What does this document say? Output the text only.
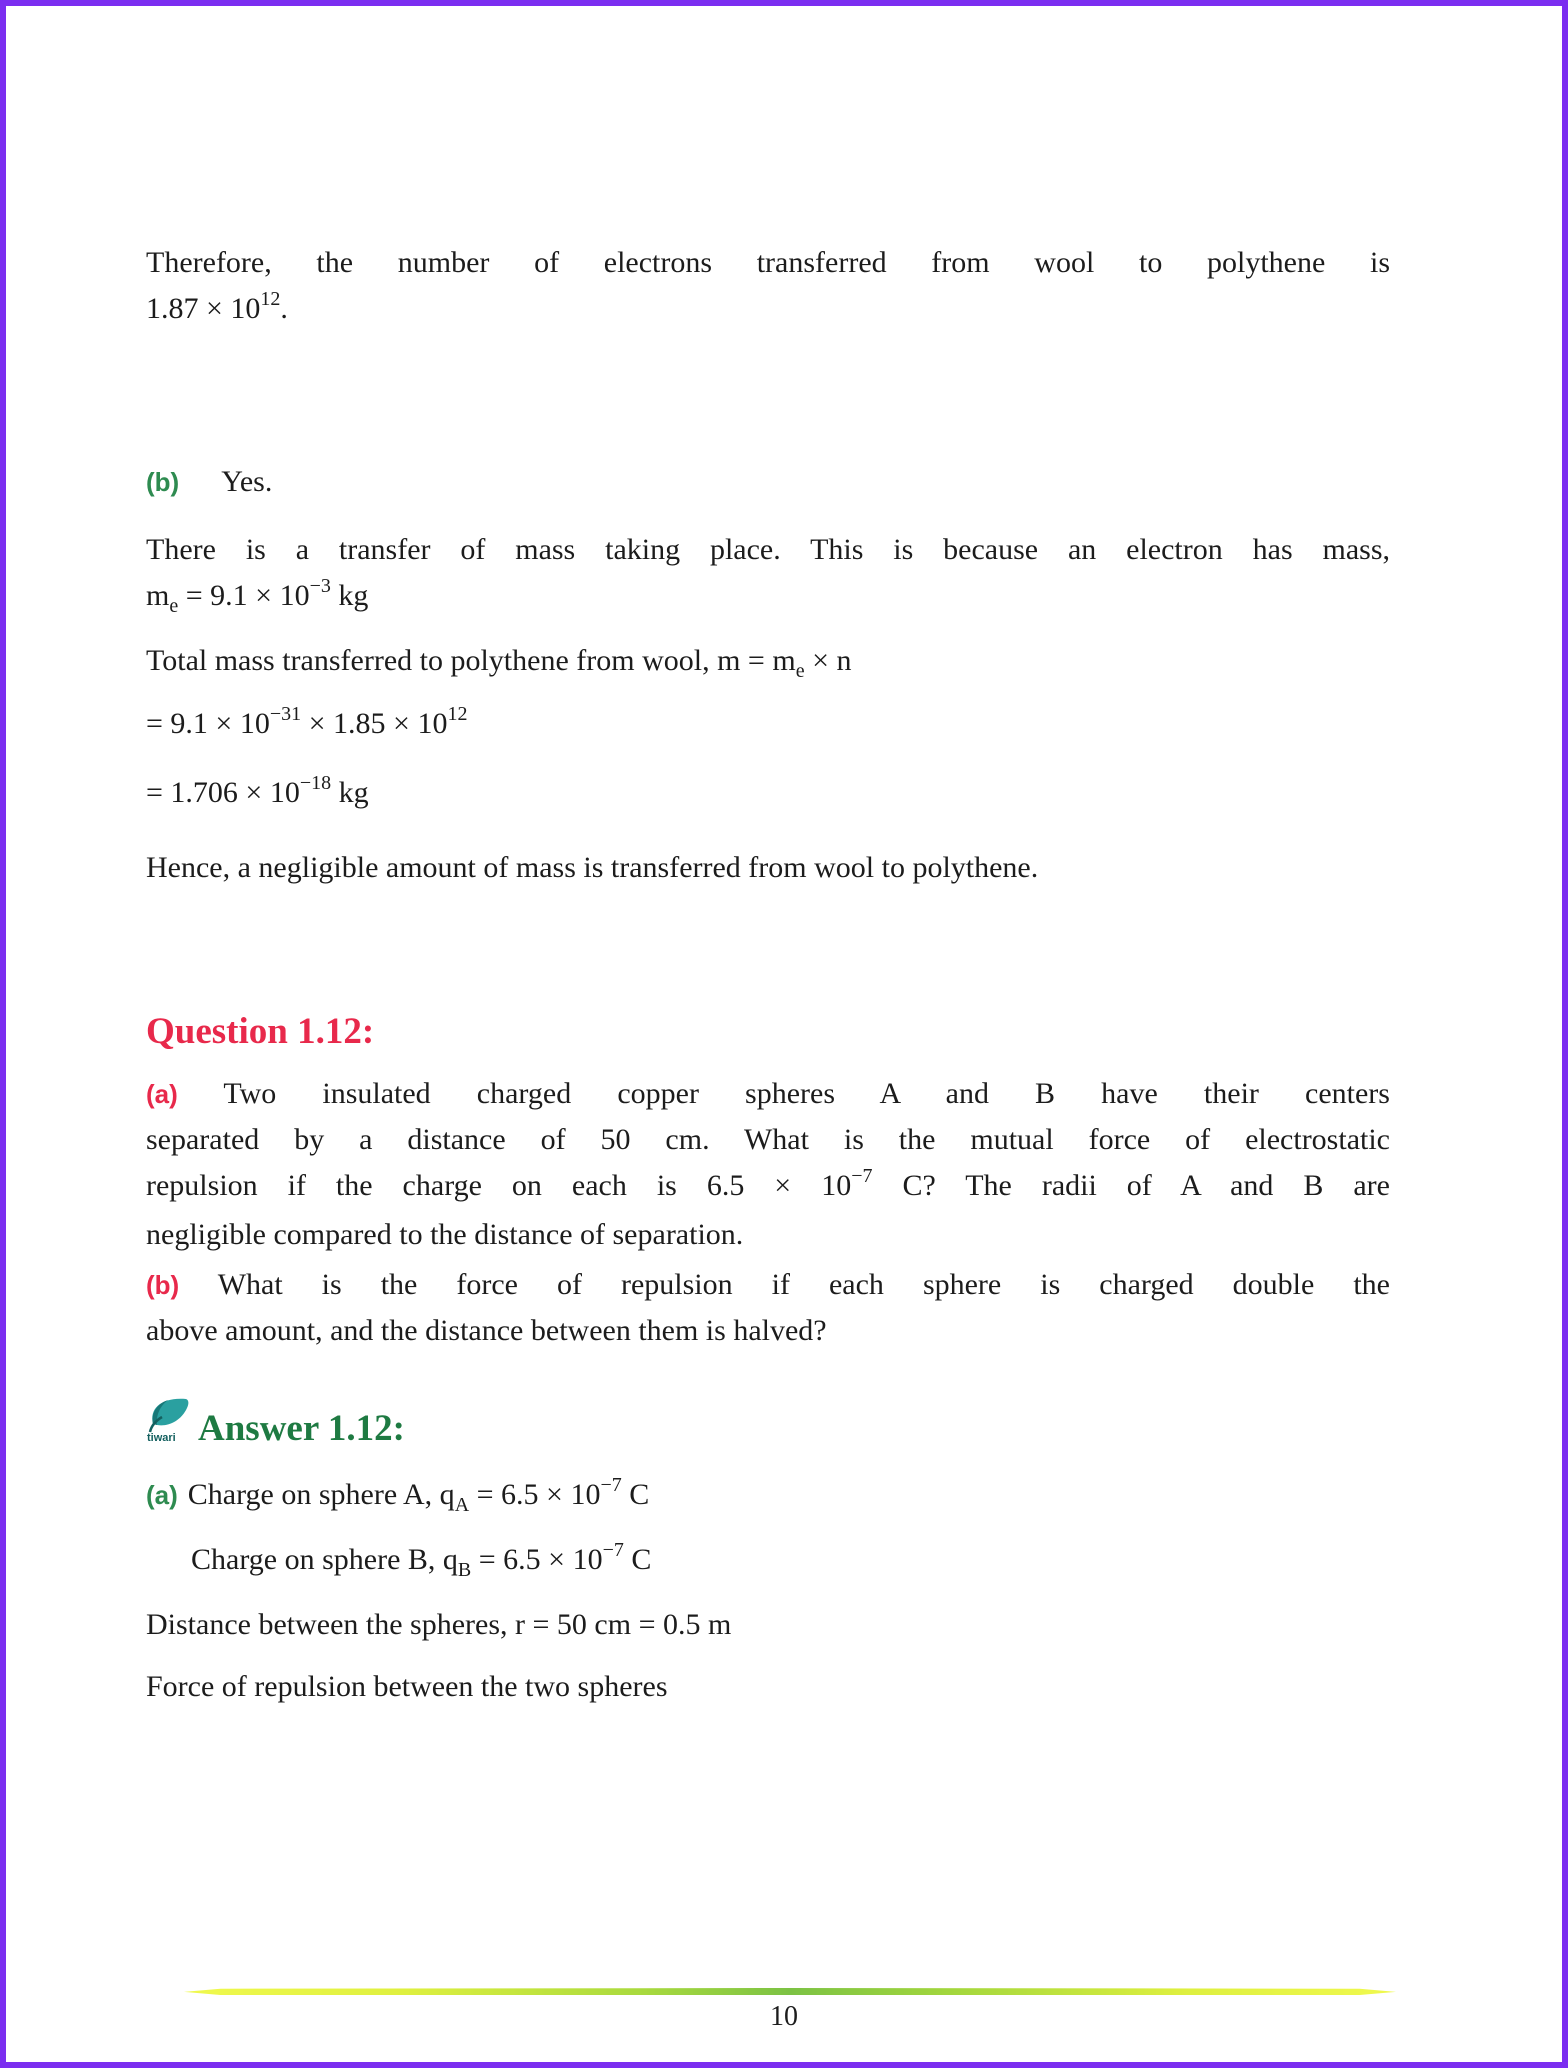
Therefore, the number of electrons transferred from wool to polythene is

$1.87 \times 10^{12}$.

(b) Yes.

There is a transfer of mass taking place. This is because an electron has mass,

$m_e = 9.1 \times 10^{-3}$ kg

Total mass transferred to polythene from wool, $m = m_e \times n$

= $9.1 \times 10^{-31} \times 1.85 \times 10^{12}$

= $1.706 \times 10^{-18}$ kg

Hence, a negligible amount of mass is transferred from wool to polythene.

Question 1.12:

(a) Two insulated charged copper spheres A and B have their centers

separated by a distance of 50 cm. What is the mutual force of electrostatic

repulsion if the charge on each is $6.5 \times 10^{-7}$ C? The radii of A and B are

negligible compared to the distance of separation.

(b) What is the force of repulsion if each sphere is charged double the

above amount, and the distance between them is halved?

tiwari Answer 1.12:

(a) Charge on sphere A, $q_A = 6.5 \times 10^{-7}$ C

Charge on sphere B, $q_B = 6.5 \times 10^{-7}$ C

Distance between the spheres, r = 50 cm = 0.5 m

Force of repulsion between the two spheres

10
